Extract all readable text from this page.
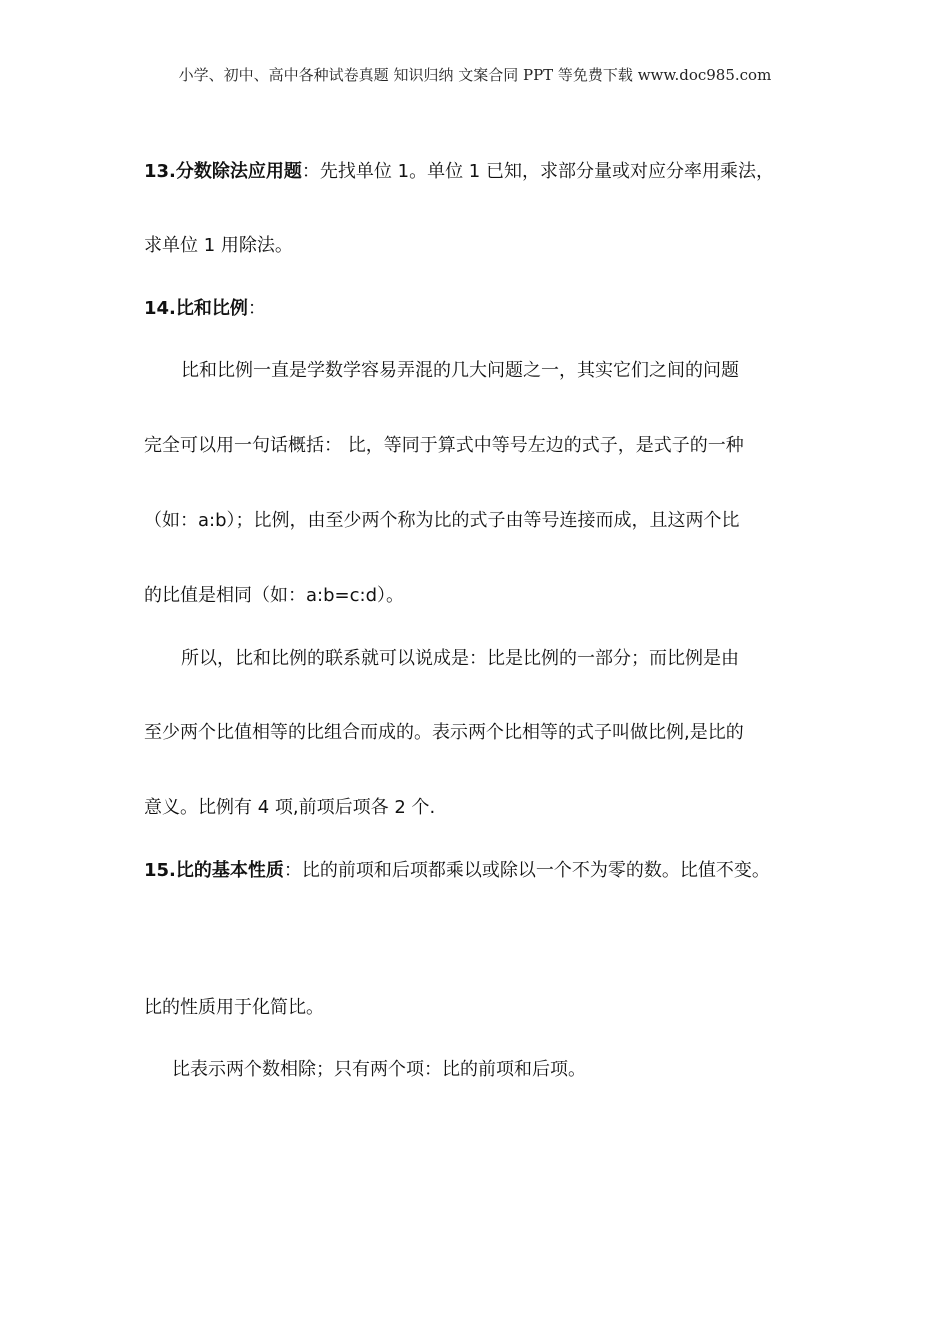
小学、初中、高中各种试卷真题 知识归纳 文案合同 PPT 等免费下载 www.doc985.com
13.分数除法应用题：先找单位 1。单位 1 已知，求部分量或对应分率用乘法，
求单位 1 用除法。
14.比和比例：
比和比例一直是学数学容易弄混的几大问题之一，其实它们之间的问题
完全可以用一句话概括： 比，等同于算式中等号左边的式子，是式子的一种
（如：a:b）；比例，由至少两个称为比的式子由等号连接而成，且这两个比
的比值是相同（如：a:b=c:d）。
所以，比和比例的联系就可以说成是：比是比例的一部分；而比例是由
至少两个比值相等的比组合而成的。表示两个比相等的式子叫做比例,是比的
意义。比例有 4 项,前项后项各 2 个.
15.比的基本性质：比的前项和后项都乘以或除以一个不为零的数。比值不变。
比的性质用于化简比。
比表示两个数相除；只有两个项：比的前项和后项。
